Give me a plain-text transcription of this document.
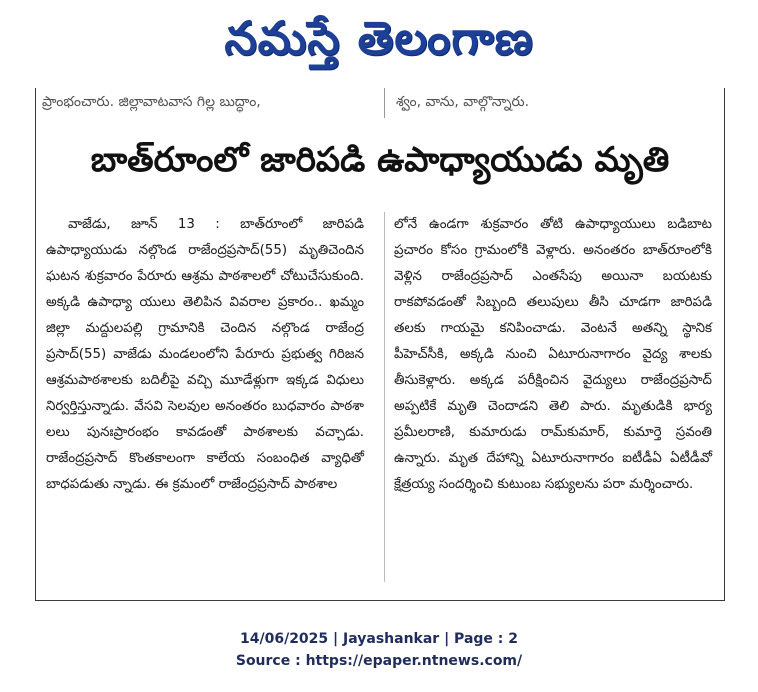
నమస్తే తెలంగాణ
ప్రాంభంచారు. జిల్లావాటవాస గిల్ల బుద్ధాం,	శ్వం, వాను, వాల్గొన్నారు.
బాత్‌రూంలో జారిపడి ఉపాధ్యాయుడు మృతి

వాజేడు, జూన్ 13 : బాత్‌రూంలో జారిపడి ఉపాధ్యాయుడు నల్గొండ రాజేంద్రప్రసాద్(55) మృతిచెందిన ఘటన శుక్రవారం పేరూరు ఆశ్రమ పాఠశాలలో చోటుచేసుకుంది. అక్కడి ఉపాధ్యా యులు తెలిపిన వివరాల ప్రకారం.. ఖమ్మం జిల్లా మద్దులపల్లి గ్రామానికి చెందిన నల్గొండ రాజేంద్ర ప్రసాద్(55) వాజేడు మండలంలోని పేరూరు ప్రభుత్వ గిరిజన ఆశ్రమపాఠశాలకు బదిలీపై వచ్చి మూడేళ్లుగా ఇక్కడ విధులు నిర్వర్తిస్తున్నాడు. వేసవి సెలవుల అనంతరం బుధవారం పాఠశా లలు పునఃప్రారంభం కావడంతో పాఠశాలకు వచ్చాడు. రాజేంద్రప్రసాద్ కొంతకాలంగా కాలేయ సంబంధిత వ్యాధితో బాధపడుతు న్నాడు. ఈ క్రమంలో రాజేంద్రప్రసాద్ పాఠశాల

లోనే ఉండగా శుక్రవారం తోటి ఉపాధ్యాయులు బడిబాట ప్రచారం కోసం గ్రామంలోకి వెళ్లారు. అనంతరం బాత్‌రూంలోకి వెళ్లిన రాజేంద్రప్రసాద్ ఎంతసేపు అయినా బయటకు రాకపోవడంతో సిబ్బంది తలుపులు తీసి చూడగా జారిపడి తలకు గాయమై కనిపించాడు. వెంటనే అతన్ని స్థానిక పీహెచ్‌సీకి, అక్కడి నుంచి ఏటూరునాగారం వైద్య శాలకు తీసుకెళ్లారు. అక్కడ పరీక్షించిన వైద్యులు రాజేంద్రప్రసాద్ అప్పటికే మృతి చెందాడని తెలి పారు. మృతుడికి భార్య ప్రమీలరాణి, కుమారుడు రామ్‌కుమార్, కుమార్తె స్రవంతి ఉన్నారు. మృత దేహాన్ని ఏటూరునాగారం ఐటీడీఏ ఏటీడీవో క్షేత్రయ్య సందర్శించి కుటుంబ సభ్యులను పరా మర్శించారు.

14/06/2025 | Jayashankar | Page : 2
Source : https://epaper.ntnews.com/
